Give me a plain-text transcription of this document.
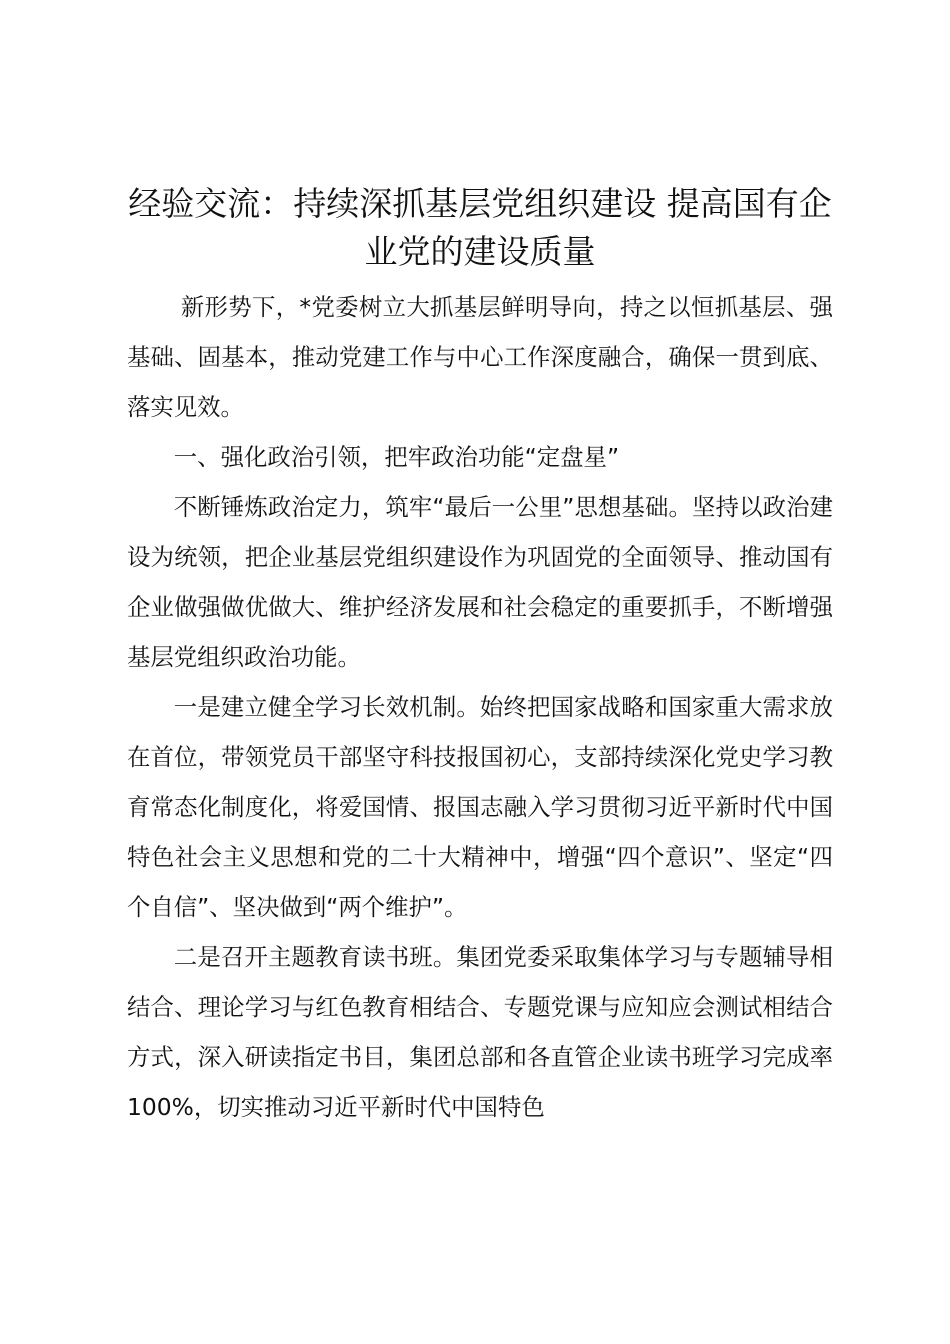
经验交流：持续深抓基层党组织建设 提高国有企业党的建设质量

新形势下，*党委树立大抓基层鲜明导向，持之以恒抓基层、强基础、固基本，推动党建工作与中心工作深度融合，确保一贯到底、落实见效。

一、强化政治引领，把牢政治功能“定盘星”

不断锤炼政治定力，筑牢“最后一公里”思想基础。坚持以政治建设为统领，把企业基层党组织建设作为巩固党的全面领导、推动国有企业做强做优做大、维护经济发展和社会稳定的重要抓手，不断增强基层党组织政治功能。

一是建立健全学习长效机制。始终把国家战略和国家重大需求放在首位，带领党员干部坚守科技报国初心，支部持续深化党史学习教育常态化制度化，将爱国情、报国志融入学习贯彻习近平新时代中国特色社会主义思想和党的二十大精神中，增强“四个意识”、坚定“四个自信”、坚决做到“两个维护”。

二是召开主题教育读书班。集团党委采取集体学习与专题辅导相结合、理论学习与红色教育相结合、专题党课与应知应会测试相结合方式，深入研读指定书目，集团总部和各直管企业读书班学习完成率 100%，切实推动习近平新时代中国特色
